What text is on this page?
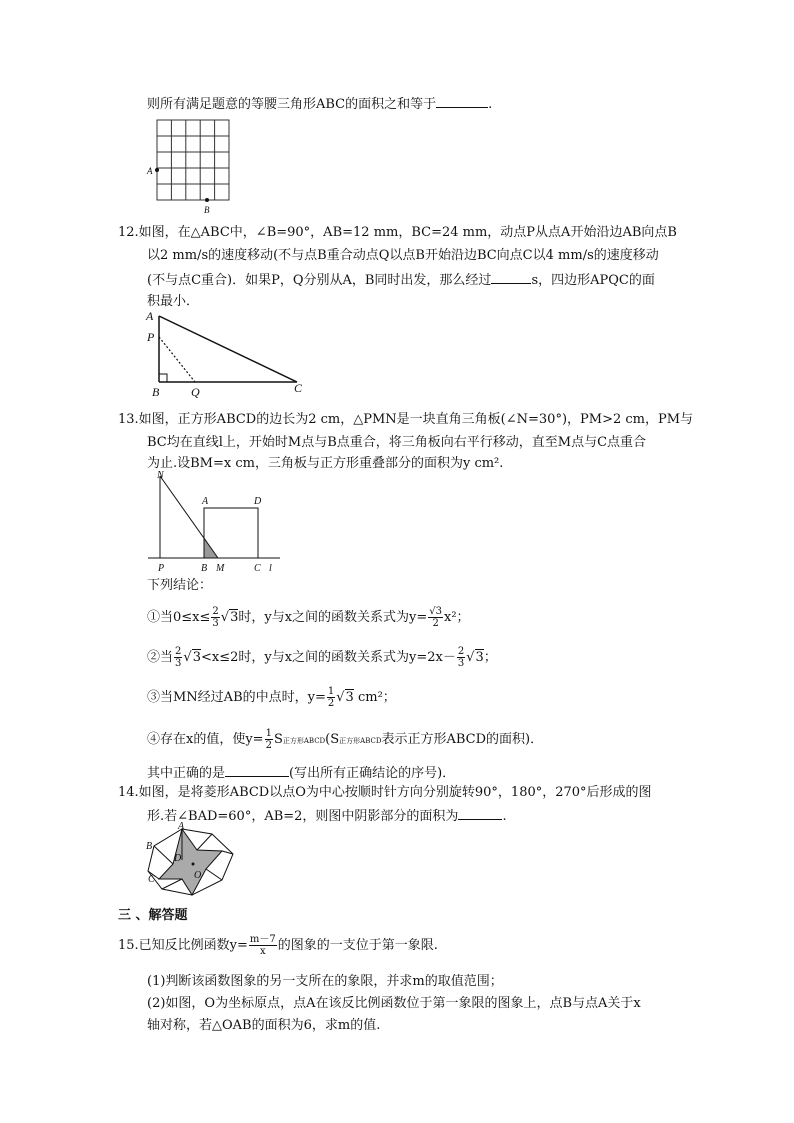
则所有满足题意的等腰三角形ABC的面积之和等于	.
A
B
12.如图，在△ABC中，∠B=90°，AB=12 mm，BC=24 mm，动点P从点A开始沿边AB向点B
以2 mm/s的速度移动(不与点B重合动点Q以点B开始沿边BC向点C以4 mm/s的速度移动
(不与点C重合)．如果P，Q分别从A，B同时出发，那么经过	s，四边形APQC的面
积最小．
A
P
B	Q	C
13.如图，正方形ABCD的边长为2 cm，△PMN是一块直角三角板(∠N=30°)，PM>2 cm，PM与
BC均在直线l上，开始时M点与B点重合，将三角板向右平行移动，直至M点与C点重合
为止.设BM=x cm，三角板与正方形重叠部分的面积为y cm².
N
A	D
P	B M	C l
下列结论：
①当$0\le x\le \frac{2}{3} √3$时，y与x之间的函数关系式为$y= \frac{√3}{2} x^2$；
②当 $\frac{2}{3} √3<x\le 2$时，y与x之间的函数关系式为$y=2x- \frac{2}{3} √3$；
③当MN经过AB的中点时，$y= \frac{1}{2} √3$ cm²；
④存在x的值，使$y= \frac{1}{2}$ S正方形ABCD(S正方形ABCD表示正方形ABCD的面积)．
其中正确的是	(写出所有正确结论的序号)．
14.如图，是将菱形ABCD以点O为中心按顺时针方向分别旋转90°，180°，270°后形成的图
形.若∠BAD=60°，AB=2，则图中阴影部分的面积为	.
A
B
C
D
O
三 、解答题
15.已知反比例函数$y= \frac{m-7}{x}$ 的图象的一支位于第一象限.
(1)判断该函数图象的另一支所在的象限，并求m的取值范围；
(2)如图，O为坐标原点，点A在该反比例函数位于第一象限的图象上，点B与点A关于x
轴对称，若△OAB的面积为6，求m的值.
